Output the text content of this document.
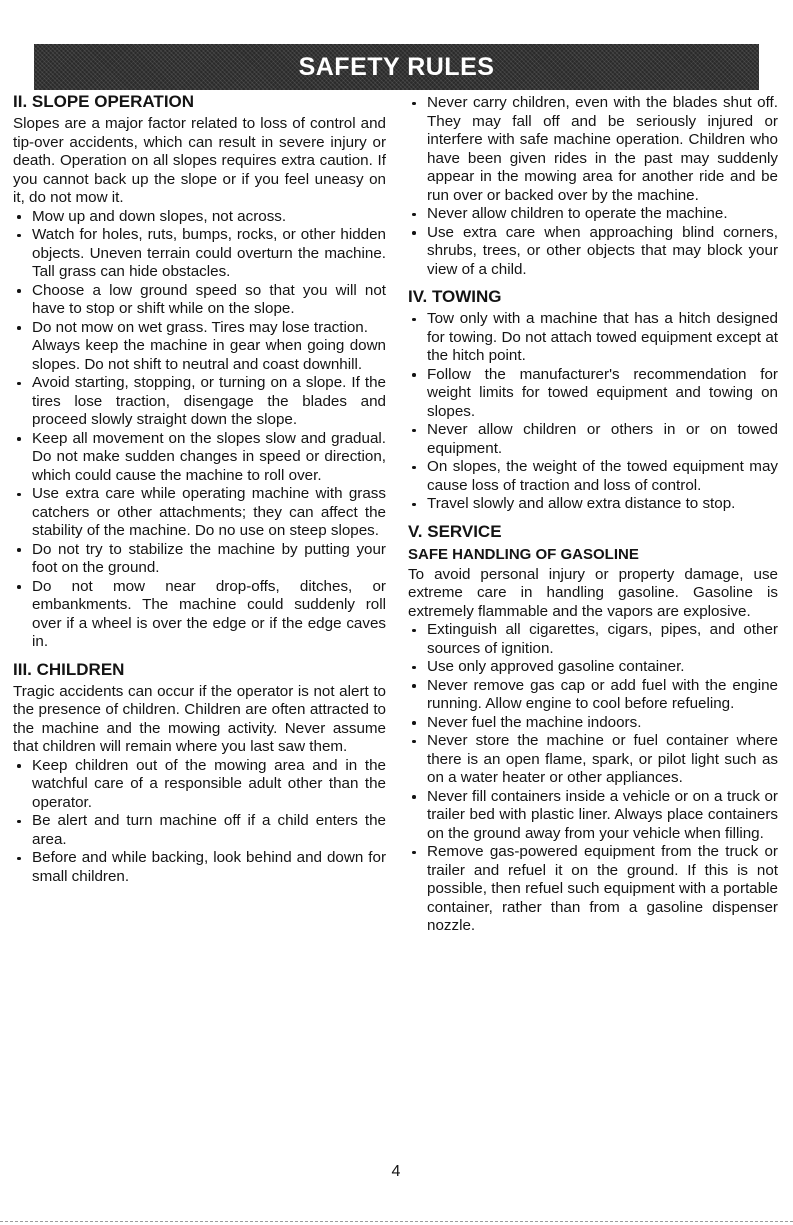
SAFETY RULES
II. SLOPE OPERATION

Slopes are a major factor related to loss of control and tip-over accidents, which can result in severe injury or death. Operation on all slopes requires extra caution. If you cannot back up the slope or if you feel uneasy on it, do not mow it.

Mow up and down slopes, not across.
Watch for holes, ruts, bumps, rocks, or other hidden objects. Uneven terrain could overturn the machine. Tall grass can hide obstacles.
Choose a low ground speed so that you will not have to stop or shift while on the slope.
Do not mow on wet grass. Tires may lose traction.
Always keep the machine in gear when going down slopes. Do not shift to neutral and coast downhill.
Avoid starting, stopping, or turning on a slope. If the tires lose traction, disengage the blades and proceed slowly straight down the slope.
Keep all movement on the slopes slow and gradual. Do not make sudden changes in speed or direction, which could cause the machine to roll over.
Use extra care while operating machine with grass catchers or other attachments; they can affect the stability of the machine. Do no use on steep slopes.
Do not try to stabilize the machine by putting your foot on the ground.
Do not mow near drop-offs, ditches, or embankments. The machine could suddenly roll over if a wheel is over the edge or if the edge caves in.
III. CHILDREN

Tragic accidents can occur if the operator is not alert to the presence of children. Children are often attracted to the machine and the mowing activity. Never assume that children will remain where you last saw them.

Keep children out of the mowing area and in the watchful care of a responsible adult other than the operator.
Be alert and turn machine off if a child enters the area.
Before and while backing, look behind and down for small children.
Never carry children, even with the blades shut off. They may fall off and be seriously injured or interfere with safe machine operation. Children who have been given rides in the past may suddenly appear in the mowing area for another ride and be run over or backed over by the machine.
Never allow children to operate the machine.
Use extra care when approaching blind corners, shrubs, trees, or other objects that may block your view of a child.
IV. TOWING
Tow only with a machine that has a hitch designed for towing. Do not attach towed equipment except at the hitch point.
Follow the manufacturer's recommendation for weight limits for towed equipment and towing on slopes.
Never allow children or others in or on towed equipment.
On slopes, the weight of the towed equipment may cause loss of traction and loss of control.
Travel slowly and allow extra distance to stop.
V. SERVICE
SAFE HANDLING OF GASOLINE

To avoid personal injury or property damage, use extreme care in handling gasoline. Gasoline is extremely flammable and the vapors are explosive.

Extinguish all cigarettes, cigars, pipes, and other sources of ignition.
Use only approved gasoline container.
Never remove gas cap or add fuel with the engine running. Allow engine to cool before refueling.
Never fuel the machine indoors.
Never store the machine or fuel container where there is an open flame, spark, or pilot light such as on a water heater or other appliances.
Never fill containers inside a vehicle or on a truck or trailer bed with plastic liner. Always place containers on the ground away from your vehicle when filling.
Remove gas-powered equipment from the truck or trailer and refuel it on the ground. If this is not possible, then refuel such equipment with a portable container, rather than from a gasoline dispenser nozzle.
4
